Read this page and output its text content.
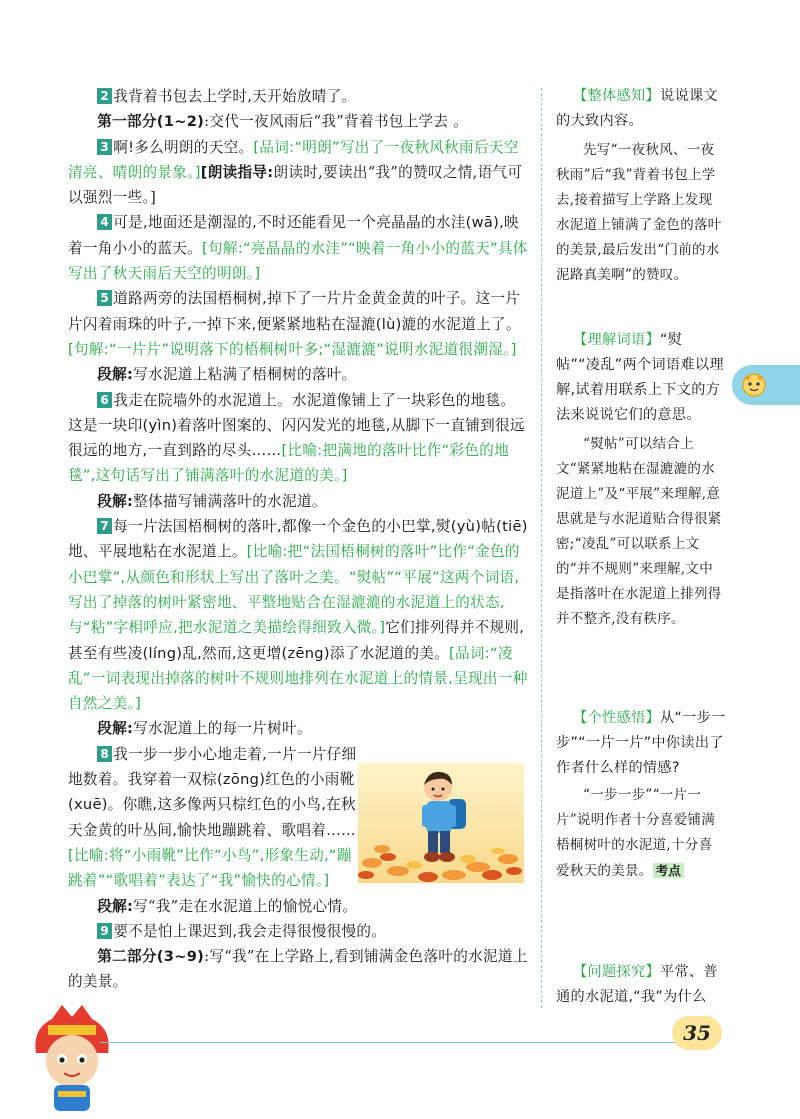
2 我背着书包去上学时,天开始放晴了。

第一部分(1~2):交代一夜风雨后“我”背着书包上学去 。

3 啊!多么明朗的天空。[品词:“明朗”写出了一夜秋风秋雨后天空清亮、晴朗的景象。][朗读指导:朗读时,要读出“我”的赞叹之情,语气可以强烈一些。]

4 可是,地面还是潮湿的,不时还能看见一个亮晶晶的水洼(wā),映着一角小小的蓝天。[句解:“亮晶晶的水洼”“映着一角小小的蓝天”具体写出了秋天雨后天空的明朗。]

5 道路两旁的法国梧桐树,掉下了一片片金黄金黄的叶子。这一片片闪着雨珠的叶子,一掉下来,便紧紧地粘在湿漉(lù)漉的水泥道上了。[句解:“一片片”说明落下的梧桐树叶多;“湿漉漉”说明水泥道很潮湿。]

段解:写水泥道上粘满了梧桐树的落叶。

6 我走在院墙外的水泥道上。水泥道像铺上了一块彩色的地毯。这是一块印(yìn)着落叶图案的、闪闪发光的地毯,从脚下一直铺到很远很远的地方,一直到路的尽头……[比喻:把满地的落叶比作“彩色的地毯”,这句话写出了铺满落叶的水泥道的美。]

段解:整体描写铺满落叶的水泥道。

7 每一片法国梧桐树的落叶,都像一个金色的小巴掌,熨(yù)帖(tiē)地、平展地粘在水泥道上。[比喻:把“法国梧桐树的落叶”比作“金色的小巴掌”,从颜色和形状上写出了落叶之美。“熨帖”“平展”这两个词语,写出了掉落的树叶紧密地、平整地贴合在湿漉漉的水泥道上的状态,与“粘”字相呼应,把水泥道之美描绘得细致入微。]它们排列得并不规则,甚至有些凌(líng)乱,然而,这更增(zēng)添了水泥道的美。[品词:“凌乱”一词表现出掉落的树叶不规则地排列在水泥道上的情景,呈现出一种自然之美。]

段解:写水泥道上的每一片树叶。

8 我一步一步小心地走着,一片一片仔细地数着。我穿着一双棕(zōng)红色的小雨靴(xuē)。你瞧,这多像两只棕红色的小鸟,在秋天金黄的叶丛间,愉快地蹦跳着、歌唱着……[比喻:将“小雨靴”比作“小鸟”,形象生动,“蹦跳着”“歌唱着”表达了“我”愉快的心情。]

段解:写“我”走在水泥道上的愉悦心情。

9 要不是怕上课迟到,我会走得很慢很慢的。

第二部分(3~9):写“我”在上学路上,看到铺满金色落叶的水泥道上的美景。

【整体感知】说说课文的大致内容。

先写“一夜秋风、一夜秋雨”后“我”背着书包上学去,接着描写上学路上发现水泥道上铺满了金色的落叶的美景,最后发出“门前的水泥路真美啊”的赞叹。

【理解词语】“熨帖”“凌乱”两个词语难以理解,试着用联系上下文的方法来说说它们的意思。

“熨帖”可以结合上文“紧紧地粘在湿漉漉的水泥道上”及“平展”来理解,意思就是与水泥道贴合得很紧密;“凌乱”可以联系上文的“并不规则”来理解,文中是指落叶在水泥道上排列得并不整齐,没有秩序。

【个性感悟】从“一步一步”“一片一片”中你读出了作者什么样的情感?

“一步一步”“一片一片”说明作者十分喜爱铺满梧桐树叶的水泥道,十分喜爱秋天的美景。 考点

【问题探究】平常、普通的水泥道,“我”为什么

35
